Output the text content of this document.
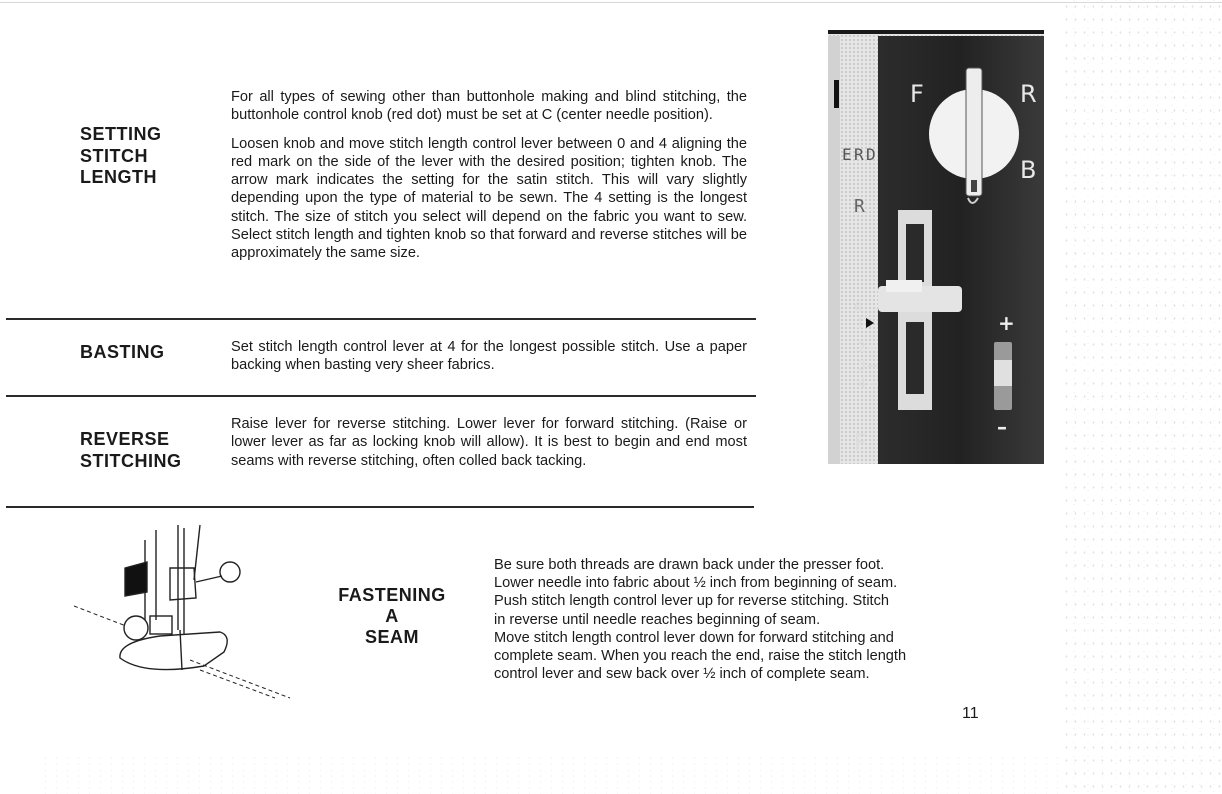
SETTING
STITCH
LENGTH

For all types of sewing other than buttonhole making and blind stitching, the buttonhole control knob (red dot) must be set at C (center needle position).

Loosen knob and move stitch length control lever between 0 and 4 aligning the red mark on the side of the lever with the desired position; tighten knob. The arrow mark indicates the setting for the satin stitch. This will vary slightly depending upon the type of material to be sewn. The 4 setting is the longest stitch. The size of stitch you select will depend on the fabric you want to sew. Select stitch length and tighten knob so that forward and reverse stitches will be approximately the same size.

BASTING	Set stitch length control lever at 4 for the longest possible stitch. Use a paper backing when basting very sheer fabrics.
REVERSE
STITCHING
Raise lever for reverse stitching. Lower lever for forward stitching. (Raise or lower lever as far as locking knob will allow). It is best to begin and end most seams with reverse stitching, often colled back tacking.
D
R
E
R
F	R
B
0
1
2
3
4
F
+
–
FASTENING
A
SEAM
Be sure both threads are drawn back under the presser foot.
Lower needle into fabric about ½ inch from beginning of seam.
Push stitch length control lever up for reverse stitching. Stitch
in reverse until needle reaches beginning of seam.
Move stitch length control lever down for forward stitching and
complete seam. When you reach the end, raise the stitch length
control lever and sew back over ½ inch of complete seam.
11
